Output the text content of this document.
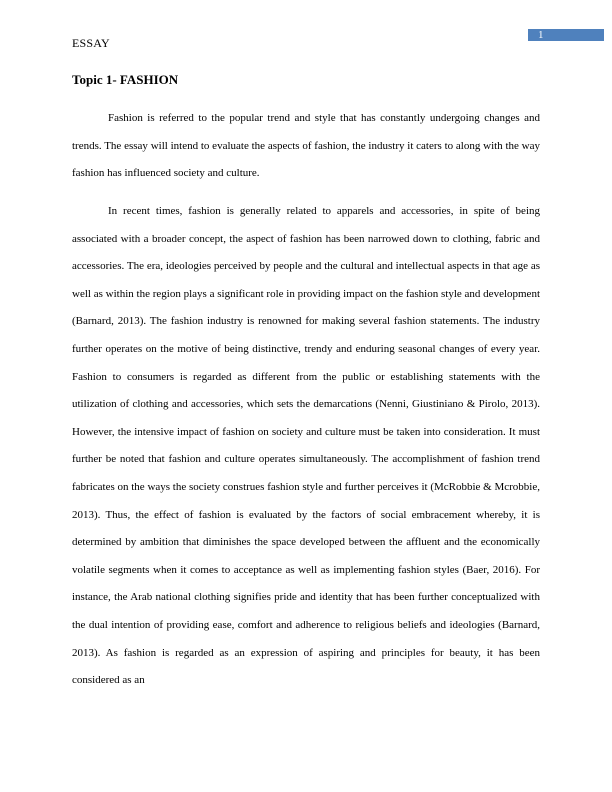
ESSAY
1
Topic 1- FASHION

Fashion is referred to the popular trend and style that has constantly undergoing changes and trends. The essay will intend to evaluate the aspects of fashion, the industry it caters to along with the way fashion has influenced society and culture.

In recent times, fashion is generally related to apparels and accessories, in spite of being associated with a broader concept, the aspect of fashion has been narrowed down to clothing, fabric and accessories. The era, ideologies perceived by people and the cultural and intellectual aspects in that age as well as within the region plays a significant role in providing impact on the fashion style and development (Barnard, 2013). The fashion industry is renowned for making several fashion statements. The industry further operates on the motive of being distinctive, trendy and enduring seasonal changes of every year. Fashion to consumers is regarded as different from the public or establishing statements with the utilization of clothing and accessories, which sets the demarcations (Nenni, Giustiniano & Pirolo, 2013). However, the intensive impact of fashion on society and culture must be taken into consideration. It must further be noted that fashion and culture operates simultaneously. The accomplishment of fashion trend fabricates on the ways the society construes fashion style and further perceives it (McRobbie & Mcrobbie, 2013). Thus, the effect of fashion is evaluated by the factors of social embracement whereby, it is determined by ambition that diminishes the space developed between the affluent and the economically volatile segments when it comes to acceptance as well as implementing fashion styles (Baer, 2016). For instance, the Arab national clothing signifies pride and identity that has been further conceptualized with the dual intention of providing ease, comfort and adherence to religious beliefs and ideologies (Barnard, 2013). As fashion is regarded as an expression of aspiring and principles for beauty, it has been considered as an
